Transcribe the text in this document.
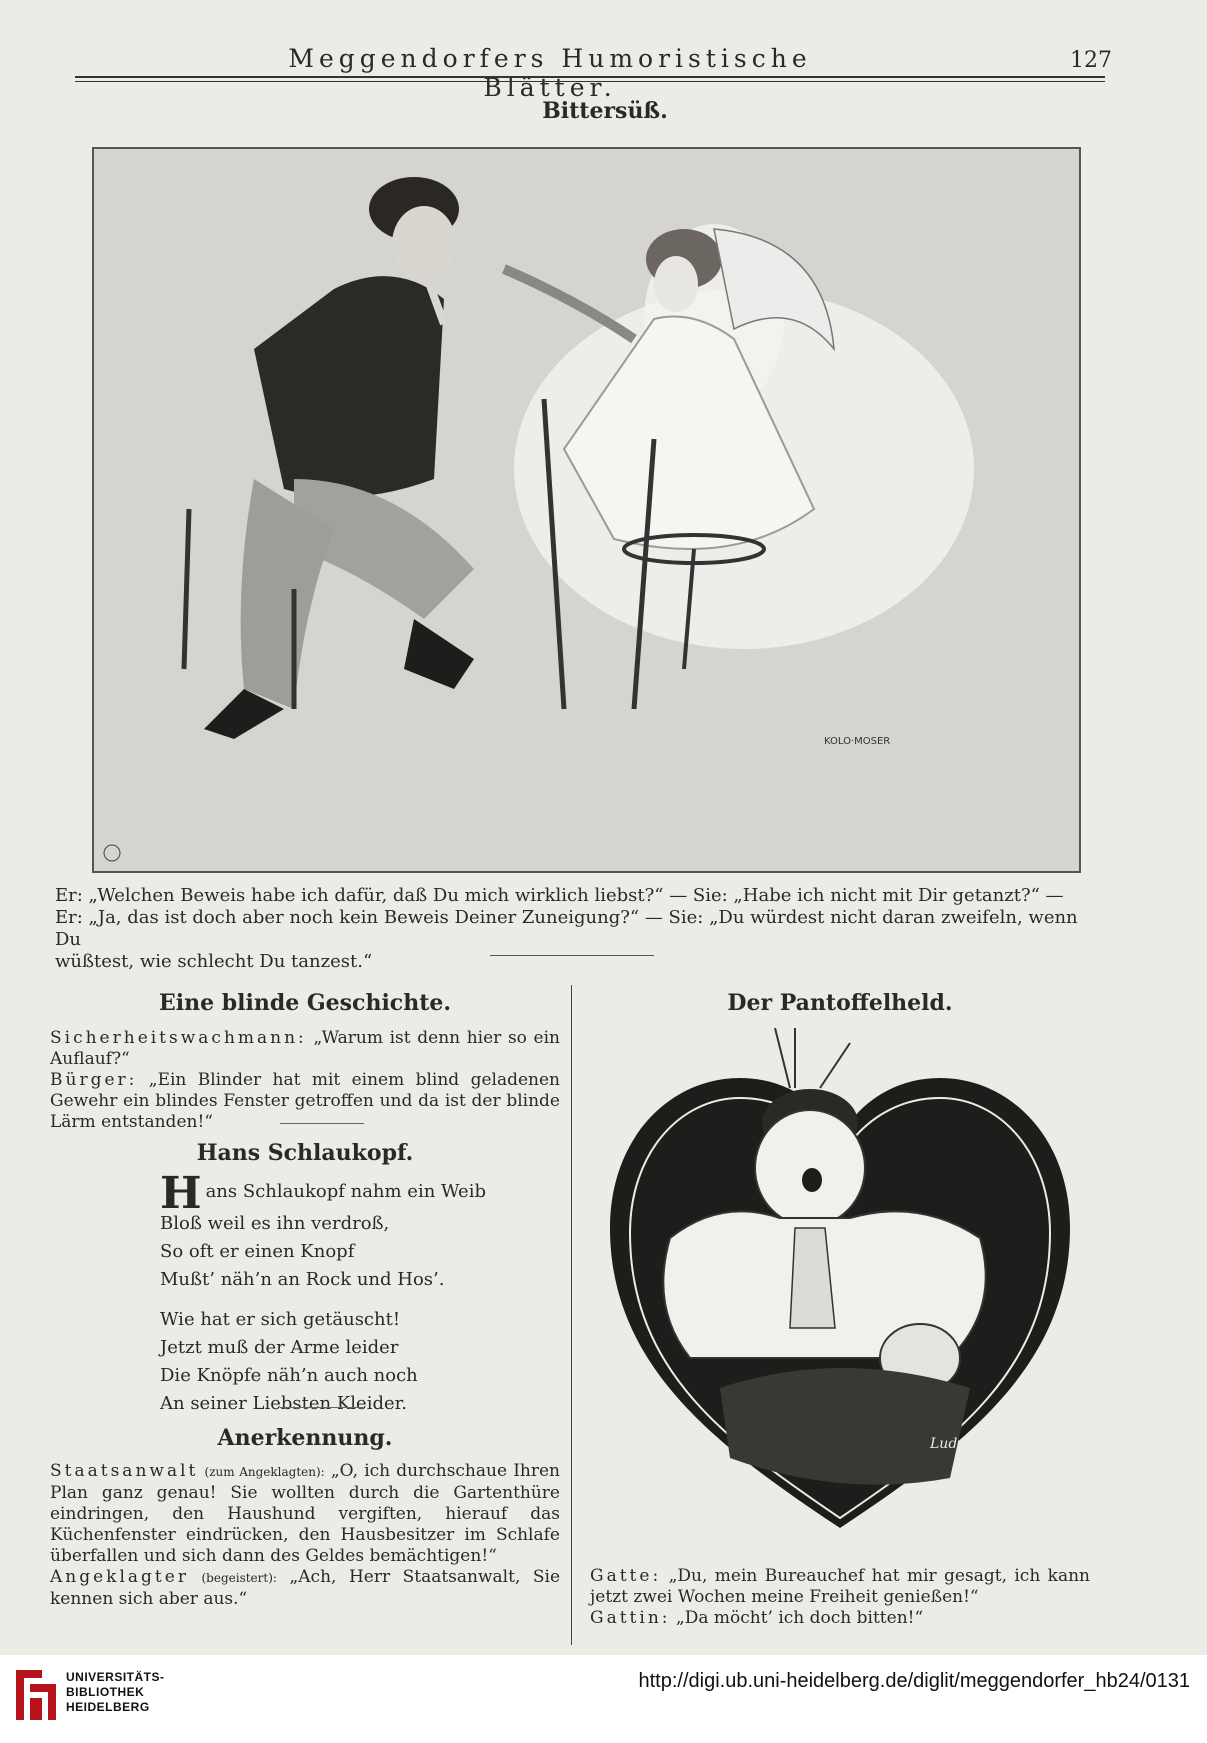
Meggendorfers Humoristische Blätter.
127
Bittersüß.
KOLO·MOSER

Er: „Welchen Beweis habe ich dafür, daß Du mich wirklich liebst?“ — Sie: „Habe ich nicht mit Dir getanzt?“ —

Er: „Ja, das ist doch aber noch kein Beweis Deiner Zuneigung?“ — Sie: „Du würdest nicht daran zweifeln, wenn Du

wüßtest, wie schlecht Du tanzest.“

Eine blinde Geschichte.

Sicherheitswachmann: „Warum ist denn hier so ein Auflauf?“

Bürger: „Ein Blinder hat mit einem blind geladenen Gewehr ein blindes Fenster getroffen und da ist der blinde Lärm entstanden!“

Hans Schlaukopf.
H ans Schlaukopf nahm ein Weib
Bloß weil es ihn verdroß,
So oft er einen Knopf
Mußt’ näh’n an Rock und Hos’.
Wie hat er sich getäuscht!
Jetzt muß der Arme leider
Die Knöpfe näh’n auch noch
An seiner Liebsten Kleider.
Anerkennung.

Staatsanwalt (zum Angeklagten): „O, ich durchschaue Ihren Plan ganz genau! Sie wollten durch die Gartenthüre eindringen, den Haushund vergiften, hierauf das Küchenfenster eindrücken, den Hausbesitzer im Schlafe überfallen und sich dann des Geldes bemächtigen!“

Angeklagter (begeistert): „Ach, Herr Staatsanwalt, Sie kennen sich aber aus.“

Der Pantoffelheld.
Ludwig Kurth

Gatte: „Du, mein Bureauchef hat mir gesagt, ich kann jetzt zwei Wochen meine Freiheit genießen!“

Gattin: „Da möcht’ ich doch bitten!“

UNIVERSITÄTS-
BIBLIOTHEK
HEIDELBERG
http://digi.ub.uni-heidelberg.de/diglit/meggendorfer_hb24/0131
